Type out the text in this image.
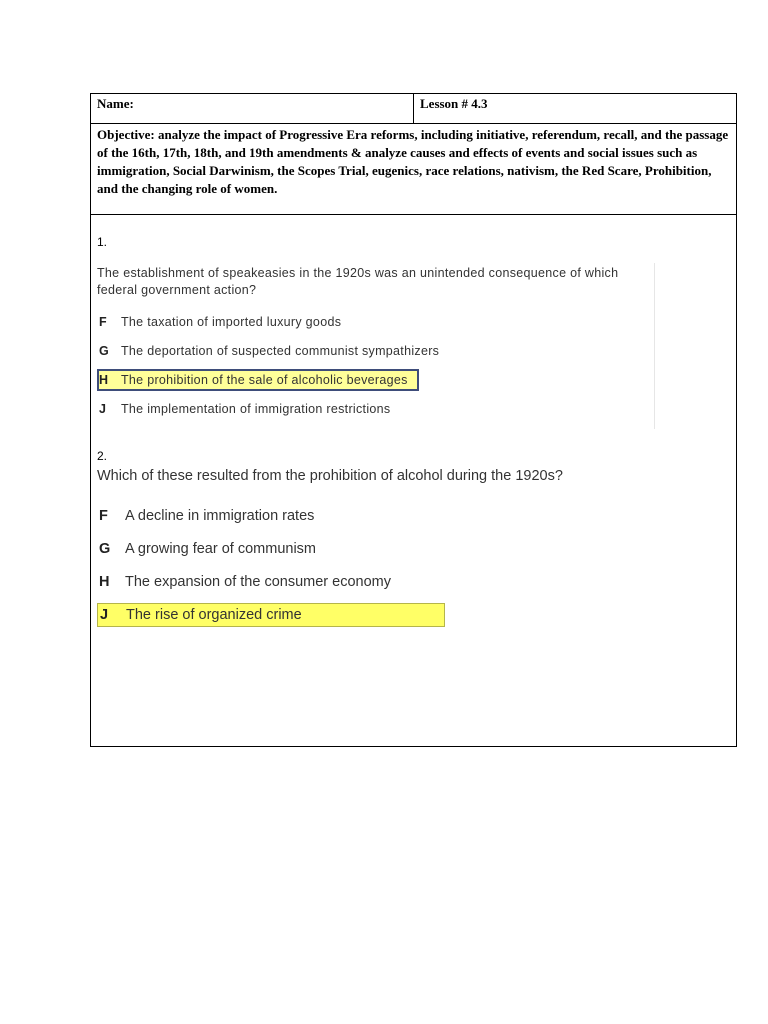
Name:	Lesson # 4.3
Objective: analyze the impact of Progressive Era reforms, including initiative, referendum, recall, and the passage of the 16th, 17th, 18th, and 19th amendments & analyze causes and effects of events and social issues such as immigration, Social Darwinism, the Scopes Trial, eugenics, race relations, nativism, the Red Scare, Prohibition, and the changing role of women.
1.
The establishment of speakeasies in the 1920s was an unintended consequence of which
federal government action?
F	The taxation of imported luxury goods
G The deportation of suspected communist sympathizers
H	The prohibition of the sale of alcoholic beverages
J	The implementation of immigration restrictions
2.
Which of these resulted from the prohibition of alcohol during the 1920s?
F	A decline in immigration rates
G	A growing fear of communism
H	The expansion of the consumer economy
J	The rise of organized crime
